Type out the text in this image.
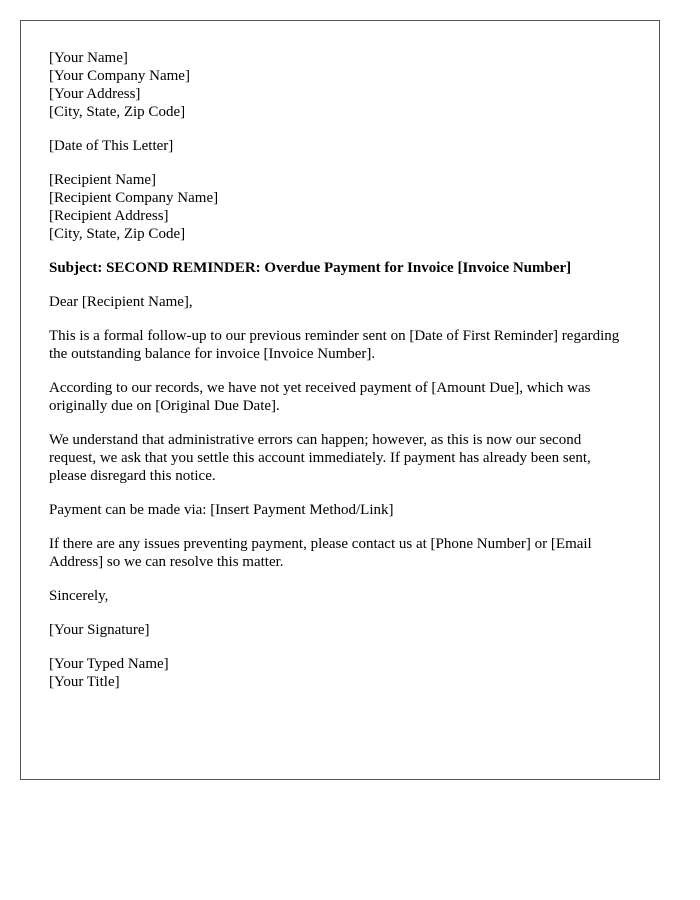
[Your Name]
[Your Company Name]
[Your Address]
[City, State, Zip Code]
[Date of This Letter]
[Recipient Name]
[Recipient Company Name]
[Recipient Address]
[City, State, Zip Code]
Subject: SECOND REMINDER: Overdue Payment for Invoice [Invoice Number]

Dear [Recipient Name],

This is a formal follow-up to our previous reminder sent on [Date of First Reminder] regarding the outstanding balance for invoice [Invoice Number].

According to our records, we have not yet received payment of [Amount Due], which was originally due on [Original Due Date].

We understand that administrative errors can happen; however, as this is now our second request, we ask that you settle this account immediately. If payment has already been sent, please disregard this notice.

Payment can be made via: [Insert Payment Method/Link]

If there are any issues preventing payment, please contact us at [Phone Number] or [Email Address] so we can resolve this matter.

Sincerely,

[Your Signature]

[Your Typed Name]
[Your Title]
